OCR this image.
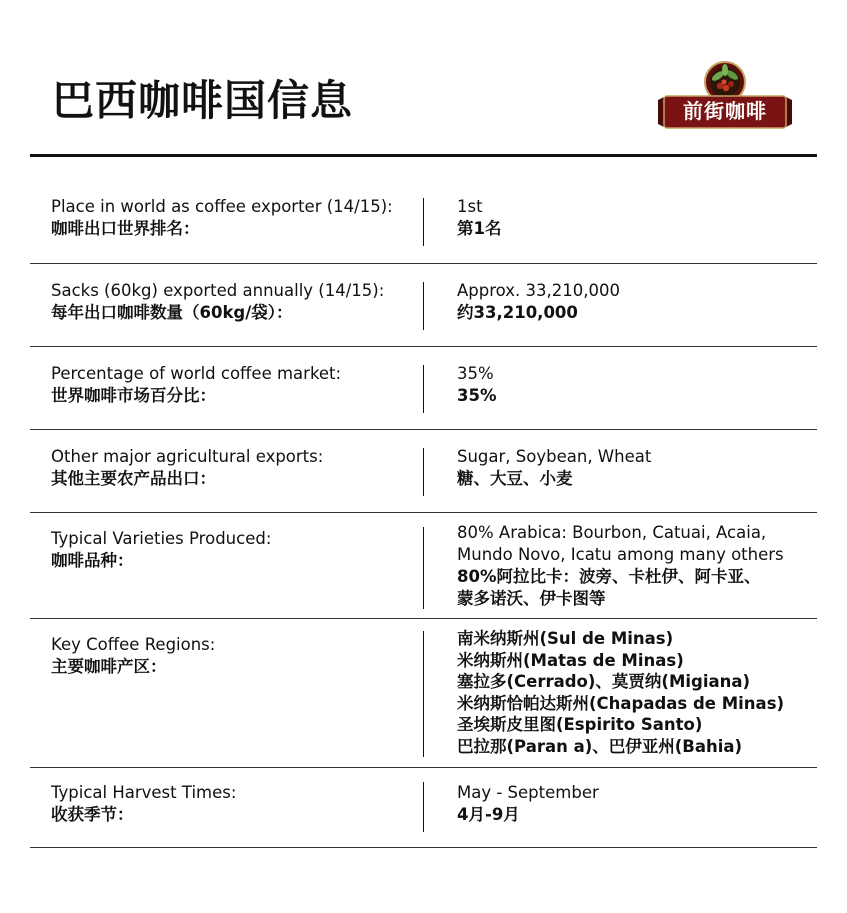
巴西咖啡国信息	前街咖啡
Place in world as coffee exporter (14/15):
咖啡出口世界排名：
1st
第1名
Sacks (60kg) exported annually (14/15):
每年出口咖啡数量（60kg/袋）：
Approx. 33,210,000
约33,210,000
Percentage of world coffee market:
世界咖啡市场百分比：
35%
35%
Other major agricultural exports:
其他主要农产品出口：
Sugar, Soybean, Wheat
糖、大豆、小麦
Typical Varieties Produced:
咖啡品种：
80% Arabica: Bourbon, Catuai, Acaia,
Mundo Novo, Icatu among many others
80%阿拉比卡：波旁、卡杜伊、阿卡亚、
蒙多诺沃、伊卡图等
Key Coffee Regions:
主要咖啡产区：
南米纳斯州(Sul de Minas)
米纳斯州(Matas de Minas)
塞拉多(Cerrado)、莫贾纳(Migiana)
米纳斯恰帕达斯州(Chapadas de Minas)
圣埃斯皮里图(Espirito Santo)
巴拉那(Paran a)、巴伊亚州(Bahia)
Typical Harvest Times:
收获季节：
May - September
4月-9月
